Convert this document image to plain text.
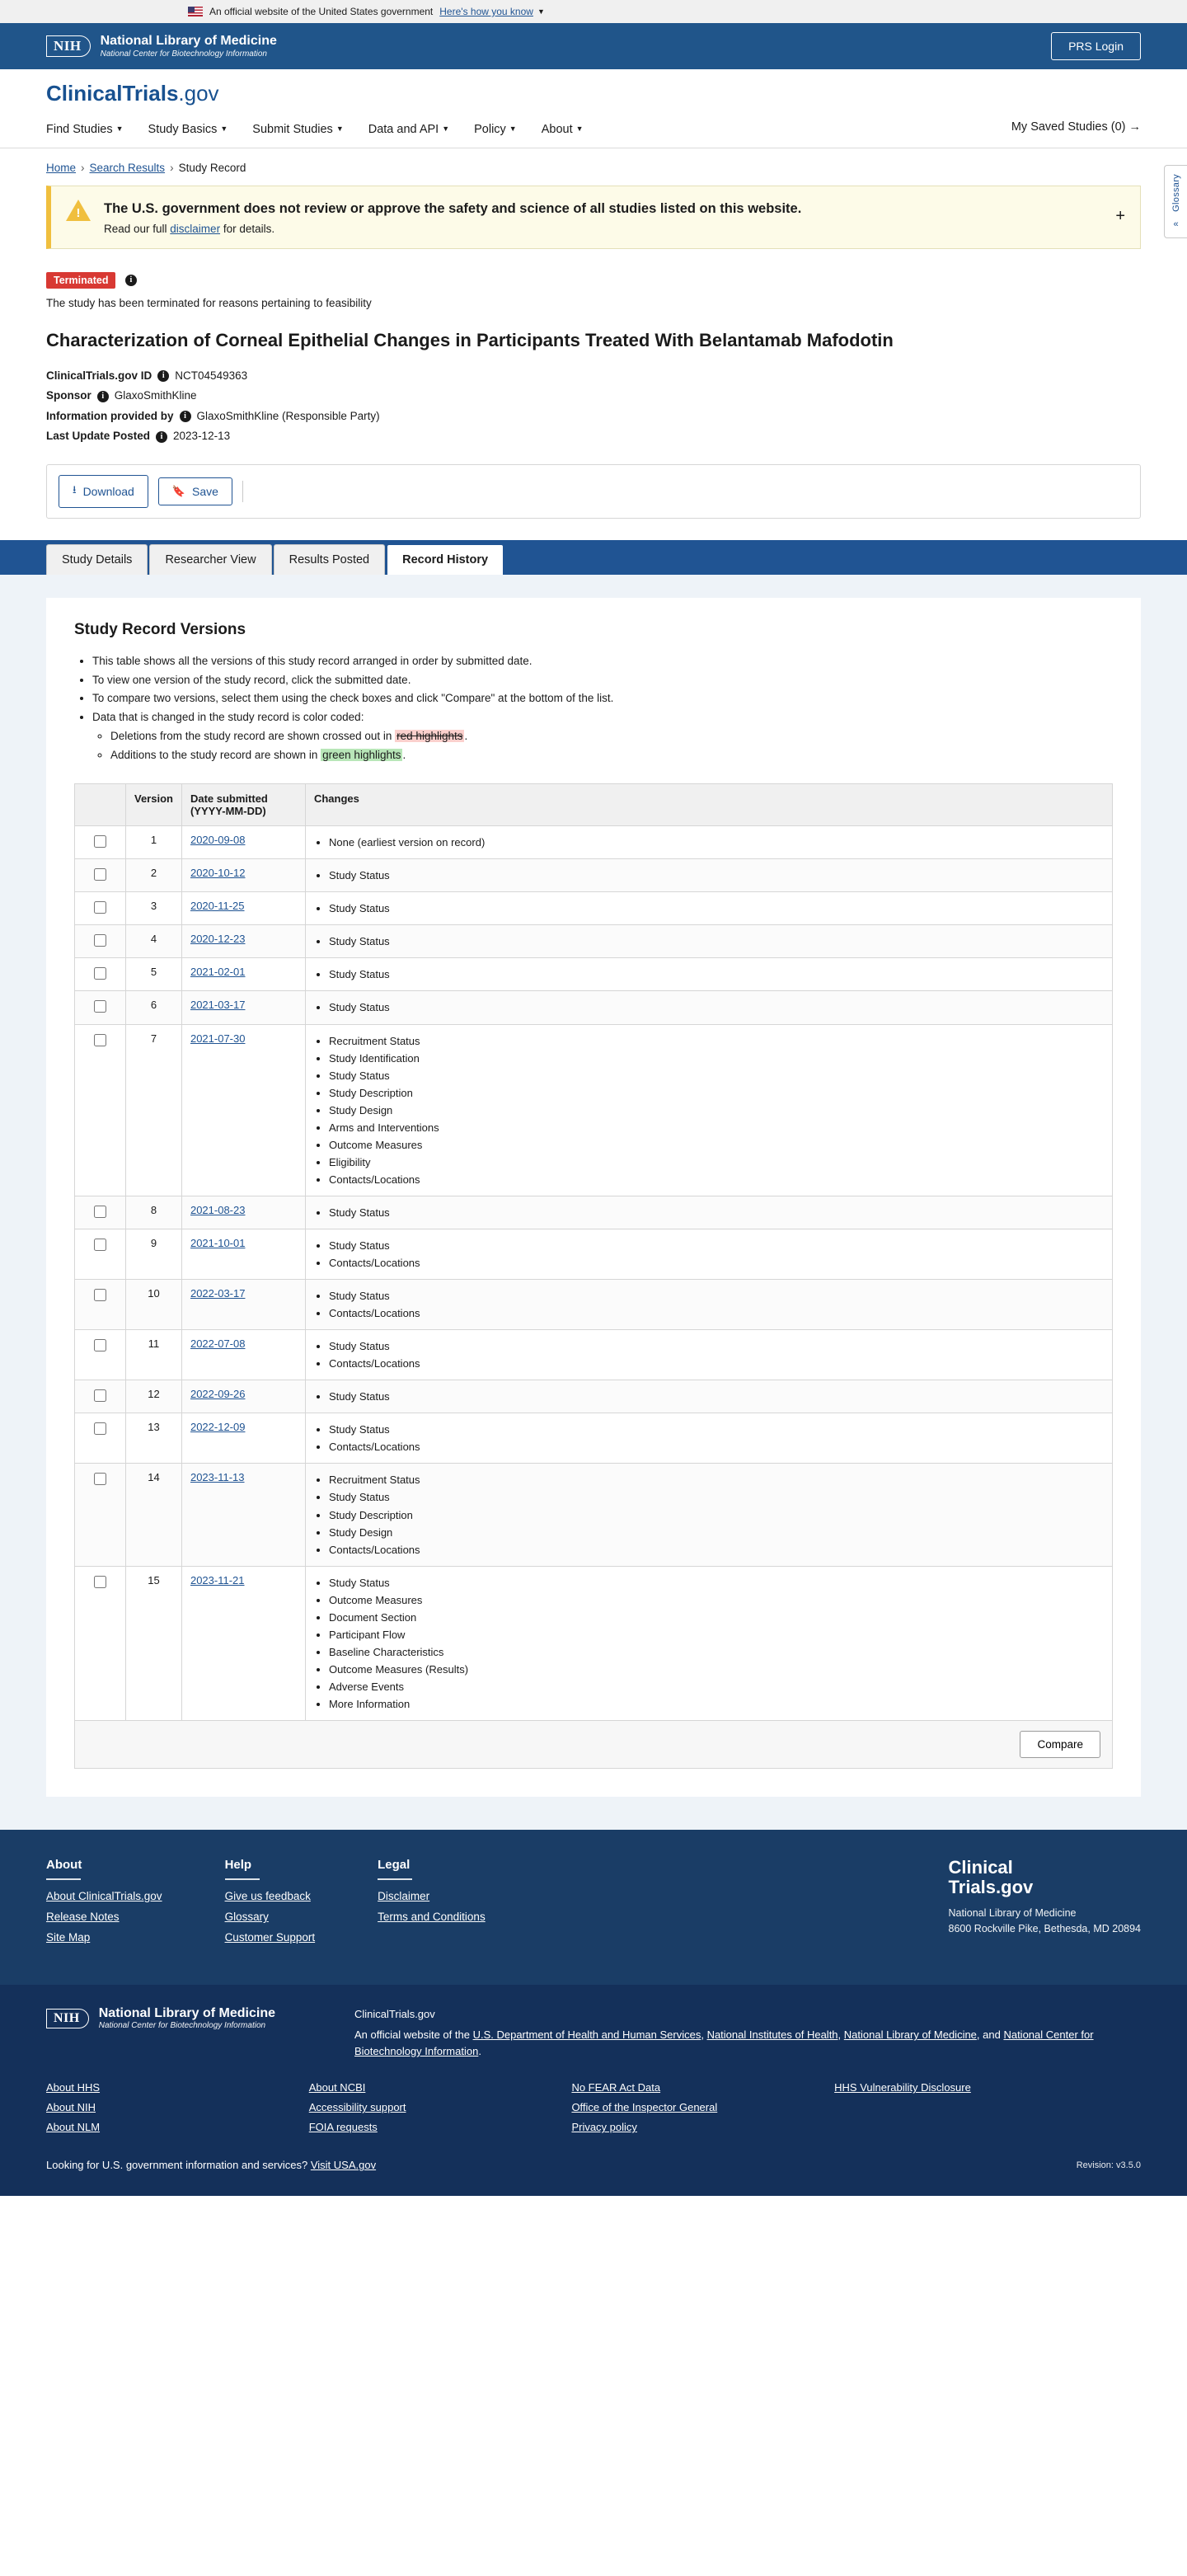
An official website of the United States government Here's how you know ▼
NIH	National Library of Medicine
National Center for Biotechnology Information
PRS Login
ClinicalTrials.gov
Find Studies ▼ Study Basics ▼ Submit Studies ▼ Data and API ▼ Policy ▼ About ▼	My Saved Studies (0) →
Home › Search Results › Study Record
Glossary
«
!	The U.S. government does not review or approve the safety and science of all studies listed on this website.
Read our full disclaimer for details.
+
Terminated	i
The study has been terminated for reasons pertaining to feasibility
Characterization of Corneal Epithelial Changes in Participants Treated With Belantamab Mafodotin
ClinicalTrials.gov ID i NCT04549363
Sponsor i GlaxoSmithKline
Information provided by i GlaxoSmithKline (Responsible Party)
Last Update Posted i 2023-12-13
⭳ Download	🔖 Save
Study Details	Researcher View	Results Posted	Record History
Study Record Versions
• This table shows all the versions of this study record arranged in order by submitted date.
• To view one version of the study record, click the submitted date.
• To compare two versions, select them using the check boxes and click "Compare" at the bottom of the list.
• Data that is changed in the study record is color coded:
◦ Deletions from the study record are shown crossed out in red highlights .
◦ Additions to the study record are shown in green highlights .
	Version	Date submitted (YYYY-MM-DD)	Changes
	1	2020-09-08	
•None (earliest version on record)

	2	2020-10-12	
•Study Status

	3	2020-11-25	
•Study Status

	4	2020-12-23	
•Study Status

	5	2021-02-01	
•Study Status

	6	2021-03-17	
•Study Status

	7	2021-07-30	
•Recruitment Status
• Study Identification
• Study Status
• Study Description
• Study Design
• Arms and Interventions
• Outcome Measures
• Eligibility
• Contacts/Locations

	8	2021-08-23	
•Study Status

	9	2021-10-01	
•Study Status
• Contacts/Locations

	10	2022-03-17	
•Study Status
• Contacts/Locations

	11	2022-07-08	
•Study Status
• Contacts/Locations

	12	2022-09-26	
•Study Status

	13	2022-12-09	
•Study Status
• Contacts/Locations

	14	2023-11-13	
•Recruitment Status
• Study Status
• Study Description
• Study Design
• Contacts/Locations

	15	2023-11-21	
•Study Status
• Outcome Measures
• Document Section
• Participant Flow
• Baseline Characteristics
• Outcome Measures (Results)
• Adverse Events
• More Information
Compare
About
About ClinicalTrials.gov
Release Notes
Site Map
Help
Give us feedback
Glossary
Customer Support
Legal
Disclaimer
Terms and Conditions
Clinical
Trials.gov
National Library of Medicine
8600 Rockville Pike, Bethesda, MD 20894
NIH	National Library of Medicine
National Center for Biotechnology Information
ClinicalTrials.gov
An official website of the U.S. Department of Health and Human Services, National Institutes of Health, National Library of Medicine, and National Center for Biotechnology Information.
About HHS
About NIH
About NLM
About NCBI
Accessibility support
FOIA requests
No FEAR Act Data
Office of the Inspector General
Privacy policy
HHS Vulnerability Disclosure
Looking for U.S. government information and services?
Visit USA.gov	Revision: v3.5.0
